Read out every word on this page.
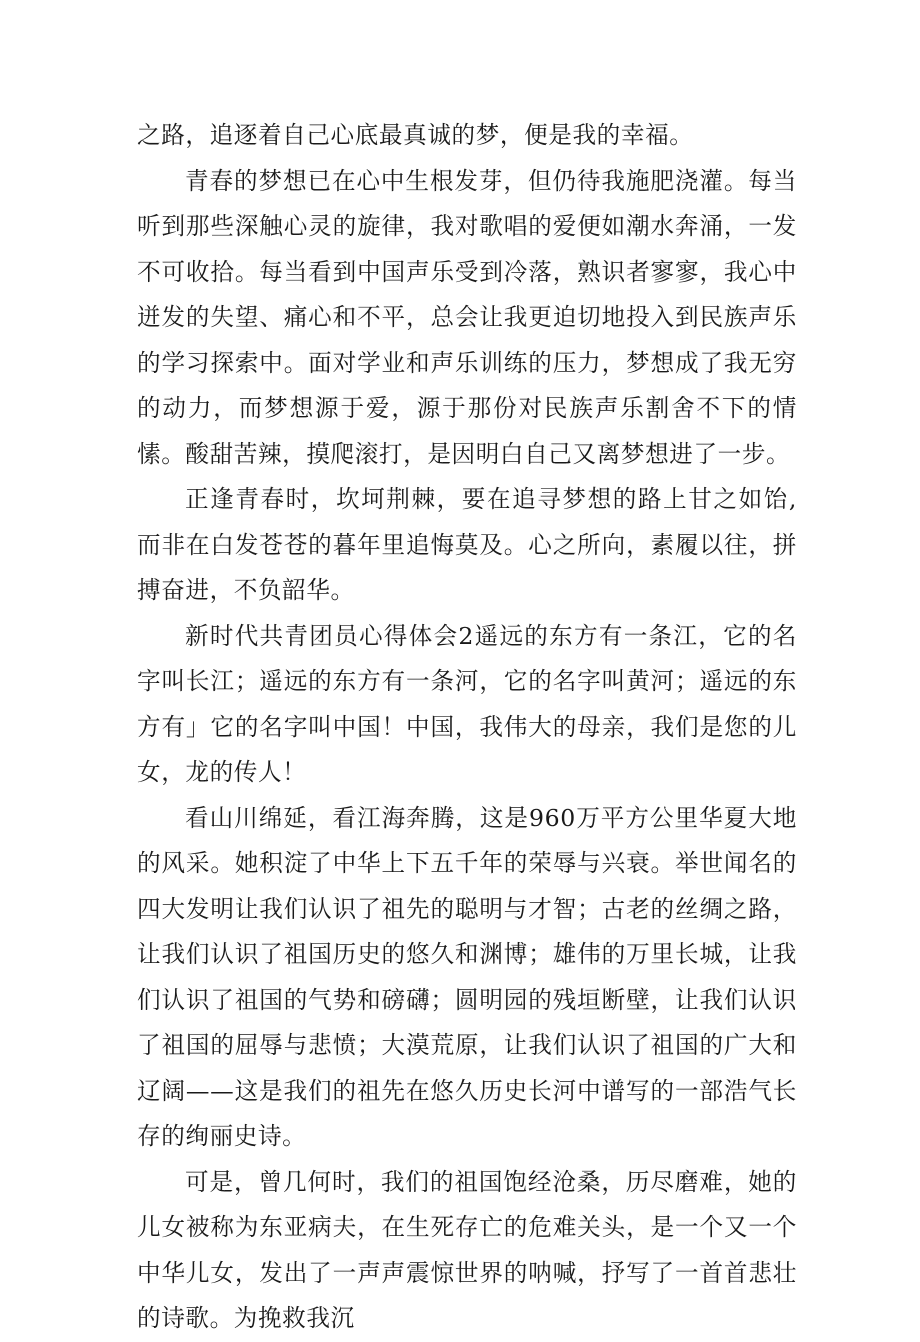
之路，追逐着自己心底最真诚的梦，便是我的幸福。

青春的梦想已在心中生根发芽，但仍待我施肥浇灌。每当听到那些深触心灵的旋律，我对歌唱的爱便如潮水奔涌，一发不可收拾。每当看到中国声乐受到冷落，熟识者寥寥，我心中迸发的失望、痛心和不平，总会让我更迫切地投入到民族声乐的学习探索中。面对学业和声乐训练的压力，梦想成了我无穷的动力，而梦想源于爱，源于那份对民族声乐割舍不下的情愫。酸甜苦辣，摸爬滚打，是因明白自己又离梦想进了一步。

正逢青春时，坎坷荆棘，要在追寻梦想的路上甘之如饴,而非在白发苍苍的暮年里追悔莫及。心之所向，素履以往，拼搏奋进，不负韶华。

新时代共青团员心得体会2遥远的东方有一条江，它的名字叫长江；遥远的东方有一条河，它的名字叫黄河；遥远的东方有」它的名字叫中国！中国，我伟大的母亲，我们是您的儿女，龙的传人！

看山川绵延，看江海奔腾，这是960万平方公里华夏大地的风采。她积淀了中华上下五千年的荣辱与兴衰。举世闻名的四大发明让我们认识了祖先的聪明与才智；古老的丝绸之路，让我们认识了祖国历史的悠久和渊博；雄伟的万里长城，让我们认识了祖国的气势和磅礴；圆明园的残垣断壁，让我们认识了祖国的屈辱与悲愤；大漠荒原，让我们认识了祖国的广大和辽阔——这是我们的祖先在悠久历史长河中谱写的一部浩气长存的绚丽史诗。

可是，曾几何时，我们的祖国饱经沧桑，历尽磨难，她的儿女被称为东亚病夫，在生死存亡的危难关头，是一个又一个中华儿女，发出了一声声震惊世界的呐喊，抒写了一首首悲壮的诗歌。为挽救我沉
